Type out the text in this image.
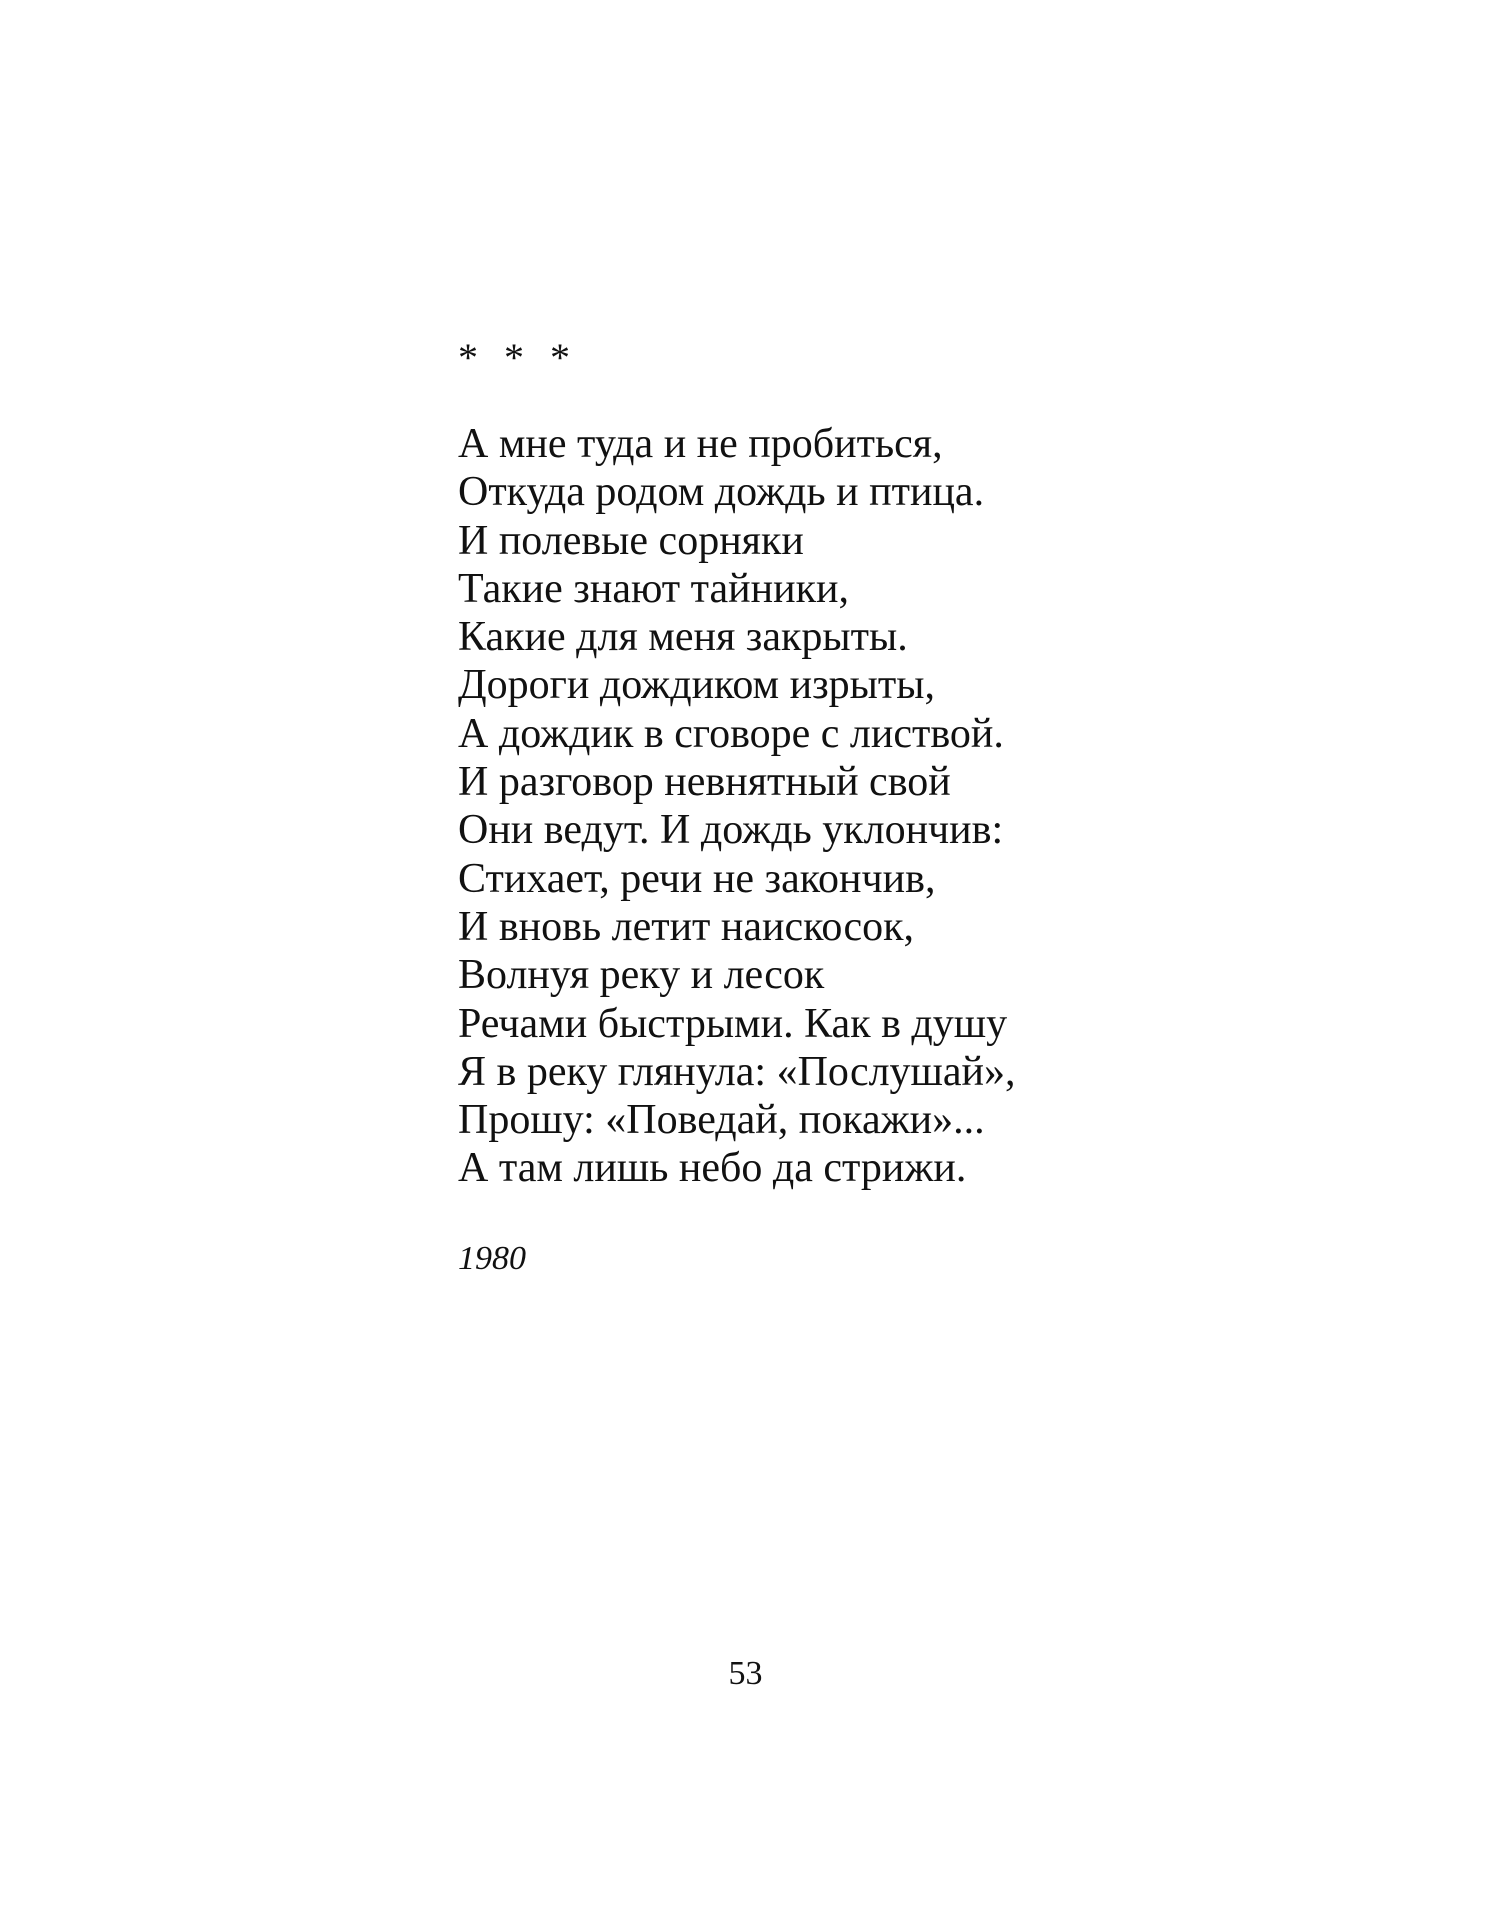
* * *
А мне туда и не пробиться,
Откуда родом дождь и птица.
И полевые сорняки
Такие знают тайники,
Какие для меня закрыты.
Дороги дождиком изрыты,
А дождик в сговоре с листвой.
И разговор невнятный свой
Они ведут. И дождь уклончив:
Стихает, речи не закончив,
И вновь летит наискосок,
Волнуя реку и лесок
Речами быстрыми. Как в душу
Я в реку глянула: «Послушай»,
Прошу: «Поведай, покажи»...
А там лишь небо да стрижи.
1980
53
